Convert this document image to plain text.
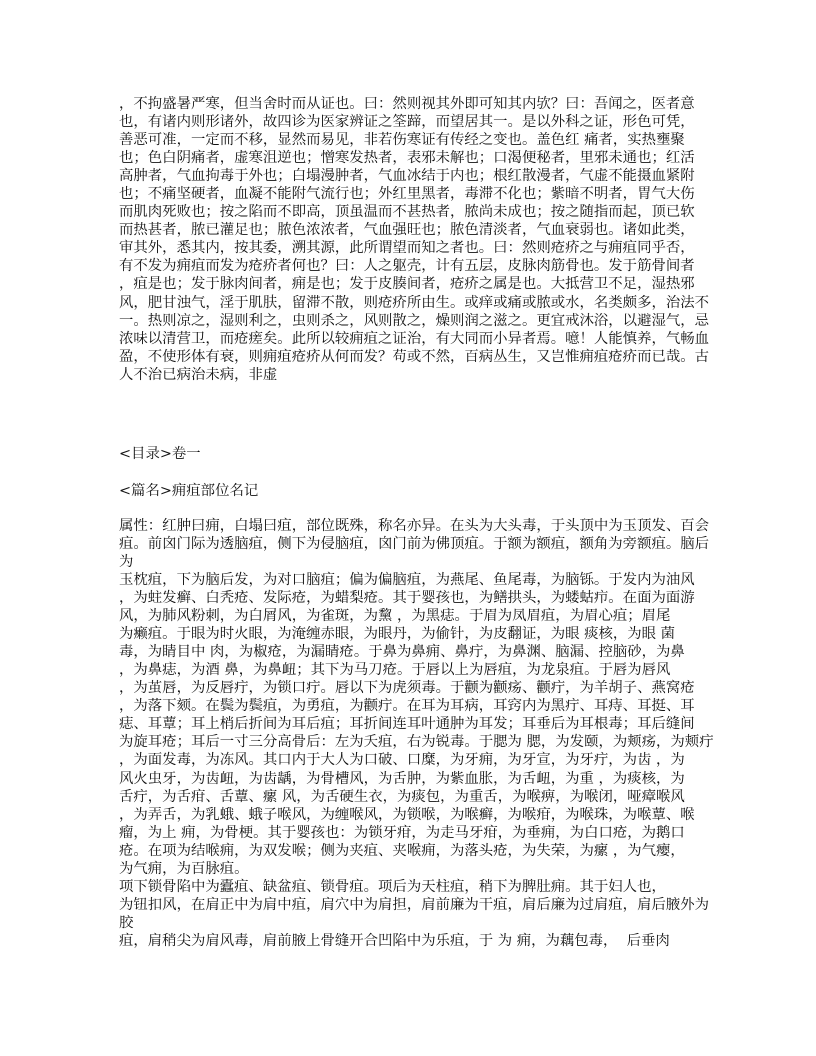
，不拘盛暑严寒，但当舍时而从证也。曰：然则视其外即可知其内欤？曰：吾闻之，医者意
也，有诸内则形诸外，故四诊为医家辨证之筌蹄，而望居其一。是以外科之证，形色可凭，
善恶可准，一定而不移，显然而易见，非若伤寒证有传经之变也。盖色红 痛者，实热壅聚
也；色白阴痛者，虚寒沮逆也；憎寒发热者，表邪未解也；口渴便秘者，里邪未通也；红活
高肿者，气血拘毒于外也；白塌漫肿者，气血冰结于内也；根红散漫者，气虚不能摄血紧附
也；不痛坚硬者，血凝不能附气流行也；外红里黑者，毒滞不化也；紫暗不明者，胃气大伤
而肌肉死败也；按之陷而不即高，顶虽温而不甚热者，脓尚未成也；按之随指而起，顶已软
而热甚者，脓已灌足也；脓色浓浓者，气血强旺也；脓色清淡者，气血衰弱也。诸如此类，
审其外，悉其内，按其委，溯其源，此所谓望而知之者也。曰：然则疮疥之与痈疽同乎否，
有不发为痈疽而发为疮疥者何也？曰：人之躯壳，计有五层，皮脉肉筋骨也。发于筋骨间者
，疽是也；发于脉肉间者，痈是也；发于皮腠间者，疮疥之属是也。大抵营卫不足，湿热邪
风，肥甘浊气，淫于肌肤，留滞不散，则疮疥所由生。或痒或痛或脓或水，名类颇多，治法不
一。热则凉之，湿则利之，虫则杀之，风则散之，燥则润之滋之。更宜戒沐浴，以避湿气，忌
浓味以清营卫，而疮瘥矣。此所以较痈疽之证治，有大同而小异者焉。噫！人能慎养，气畅血
盈，不使形体有衰，则痈疽疮疥从何而发？苟或不然，百病丛生，又岂惟痈疽疮疥而已哉。古
人不治已病治未病，非虚
<目录>卷一
<篇名>痈疽部位名记
属性：红肿曰痈，白塌曰疽，部位既殊，称名亦异。在头为大头毒，于头顶中为玉顶发、百会
疽。前囟门际为透脑疽，侧下为侵脑疽，囟门前为佛顶疽。于额为额疽，额角为旁额疽。脑后
为
玉枕疽，下为脑后发，为对口脑疽；偏为偏脑疽，为燕尾、鱼尾毒，为脑铄。于发内为油风
，为蛀发癣、白秃疮、发际疮，为蜡梨疮。其于婴孩也，为鳝拱头，为蝼蛄疖。在面为面游
风，为肺风粉刺，为白屑风，为雀斑，为黧 ，为黑痣。于眉为凤眉疽，为眉心疽；眉尾
为癞疽。于眼为时火眼，为淹缠赤眼，为眼丹，为偷针，为皮翻证，为眼 痰核，为眼 菌
毒，为睛目中 肉，为椒疮，为漏睛疮。于鼻为鼻痈、鼻疔，为鼻渊、脑漏、控脑砂，为鼻
，为鼻痣，为酒 鼻，为鼻衄；其下为马刀疮。于唇以上为唇疽，为龙泉疽。于唇为唇风
，为茧唇，为反唇疔，为锁口疔。唇以下为虎须毒。于颧为颧疡、颧疔，为羊胡子、燕窝疮
，为落下颏。在鬓为鬓疽，为勇疽，为颧疔。在耳为耳病，耳窍内为黑疔、耳痔、耳挺、耳
痣、耳蕈；耳上梢后折间为耳后疽；耳折间连耳叶通肿为耳发；耳垂后为耳根毒；耳后缝间
为旋耳疮；耳后一寸三分高骨后：左为夭疽，右为锐毒。于腮为 腮，为发颐，为颊疡，为颊疔
，为面发毒，为冻风。其口内于大人为口破、口糜，为牙痈，为牙宣，为牙疔，为齿 ，为
风火虫牙，为齿衄，为齿龋，为骨槽风，为舌肿，为紫血胀，为舌衄，为重 ，为痰核，为
舌疔，为舌疳、舌蕈、瘰 风，为舌硬生衣，为痰包，为重舌，为喉痹，为喉闭，哑瘴喉风
，为弄舌，为乳蛾、蛾子喉风，为缠喉风，为锁喉，为喉癣，为喉疳，为喉珠，为喉蕈、喉
瘤，为上 痈，为骨梗。其于婴孩也：为锁牙疳，为走马牙疳，为垂痈，为白口疮，为鹅口
疮。在项为结喉痈，为双发喉；侧为夹疽、夹喉痈，为落头疮，为失荣，为瘰 ，为气瘿，
为气痈，为百脉疽。
项下锁骨陷中为蠹疽、缺盆疽、锁骨疽。项后为天柱疽，稍下为脾肚痈。其于妇人也，
为钮扣风，在肩正中为肩中疽，肩穴中为肩担，肩前廉为干疽，肩后廉为过肩疽，肩后腋外为
胶
疽，肩稍尖为肩风毒，肩前腋上骨缝开合凹陷中为乐疽，于 为 痈，为藕包毒，  后垂肉
